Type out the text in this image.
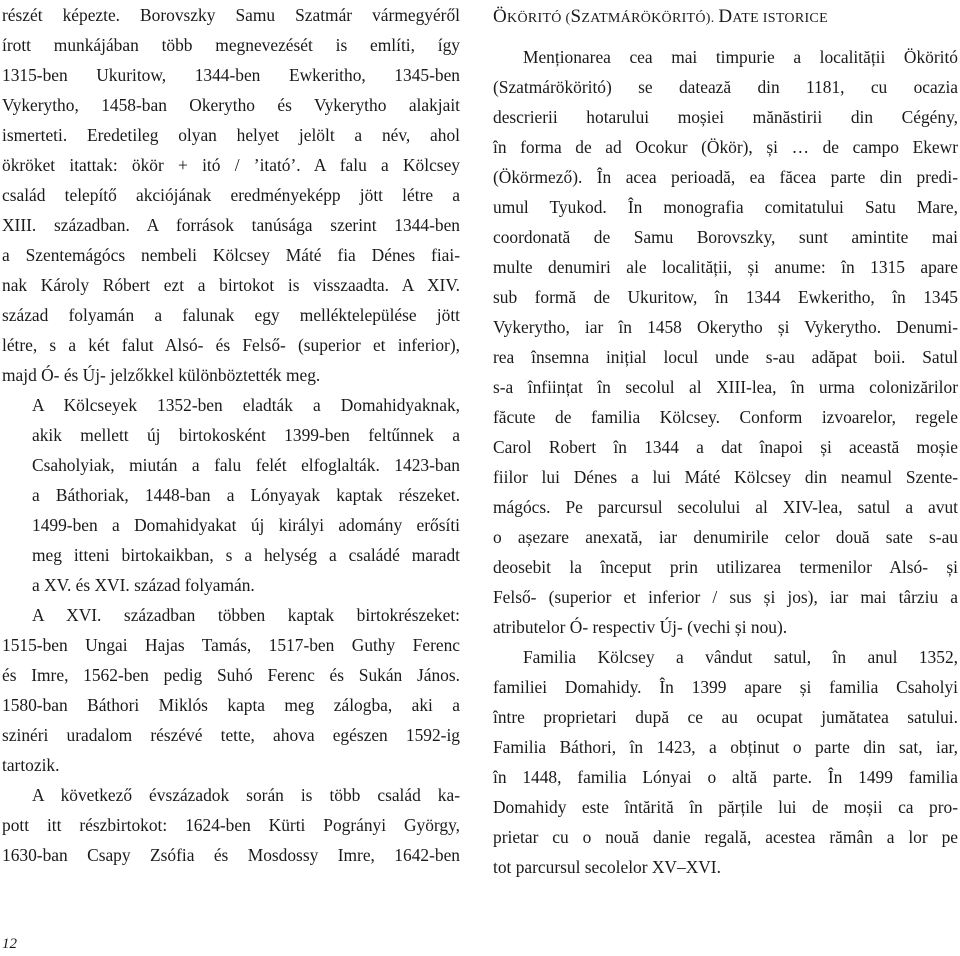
részét képezte. Borovszky Samu Szatmár vármegyéről
írott munkájában több megnevezését is említi, így
1315-ben Ukuritow, 1344-ben Ewkeritho, 1345-ben
Vykerytho, 1458-ban Okerytho és Vykerytho alakjait
ismerteti. Eredetileg olyan helyet jelölt a név, ahol
ökröket itattak: ökör + itó / ’itató’. A falu a Kölcsey
család telepítő akciójának eredményeképp jött létre a
XIII. században. A források tanúsága szerint 1344-ben
a Szentemágócs nembeli Kölcsey Máté fia Dénes fiai-
nak Károly Róbert ezt a birtokot is visszaadta. A XIV.
század folyamán a falunak egy melléktelepülése jött
létre, s a két falut Alsó- és Felső- (superior et inferior),
majd Ó- és Új- jelzőkkel különböztették meg.

A Kölcseyek 1352-ben eladták a Domahidyaknak,
akik mellett új birtokosként 1399-ben feltűnnek a
Csaholyiak, miután a falu felét elfoglalták. 1423-ban
a Báthoriak, 1448-ban a Lónyayak kaptak részeket.
1499-ben a Domahidyakat új királyi adomány erősíti
meg itteni birtokaikban, s a helység a családé maradt
a XV. és XVI. század folyamán.

A XVI. században többen kaptak birtokrészeket:
1515-ben Ungai Hajas Tamás, 1517-ben Guthy Ferenc
és Imre, 1562-ben pedig Suhó Ferenc és Sukán János.
1580-ban Báthori Miklós kapta meg zálogba, aki a
szinéri uradalom részévé tette, ahova egészen 1592-ig
tartozik.

A következő évszázadok során is több család ka-
pott itt részbirtokot: 1624-ben Kürti Pogrányi György,
1630-ban Csapy Zsófia és Mosdossy Imre, 1642-ben

ÖKÖRITÓ (SZATMÁRÖKÖRITÓ). DATE ISTORICE

Menționarea cea mai timpurie a localității Ököritó
(Szatmárököritó) se datează din 1181, cu ocazia
descrierii hotarului moșiei mănăstirii din Cégény,
în forma de ad Ocokur (Ökör), și … de campo Ekewr
(Ökörmező). În acea perioadă, ea făcea parte din predi-
umul Tyukod. În monografia comitatului Satu Mare,
coordonată de Samu Borovszky, sunt amintite mai
multe denumiri ale localității, și anume: în 1315 apare
sub formă de Ukuritow, în 1344 Ewkeritho, în 1345
Vykerytho, iar în 1458 Okerytho și Vykerytho. Denumi-
rea însemna inițial locul unde s-au adăpat boii. Satul
s-a înființat în secolul al XIII-lea, în urma colonizărilor
făcute de familia Kölcsey. Conform izvoarelor, regele
Carol Robert în 1344 a dat înapoi și această moșie
fiilor lui Dénes a lui Máté Kölcsey din neamul Szente-
mágócs. Pe parcursul secolului al XIV-lea, satul a avut
o așezare anexată, iar denumirile celor două sate s-au
deosebit la început prin utilizarea termenilor Alsó- și
Felső- (superior et inferior / sus și jos), iar mai târziu a
atributelor Ó- respectiv Új- (vechi și nou).

Familia Kölcsey a vândut satul, în anul 1352,
familiei Domahidy. În 1399 apare și familia Csaholyi
între proprietari după ce au ocupat jumătatea satului.
Familia Báthori, în 1423, a obținut o parte din sat, iar,
în 1448, familia Lónyai o altă parte. În 1499 familia
Domahidy este întărită în părțile lui de moșii ca pro-
prietar cu o nouă danie regală, acestea rămân a lor pe
tot parcursul secolelor XV–XVI.

12
